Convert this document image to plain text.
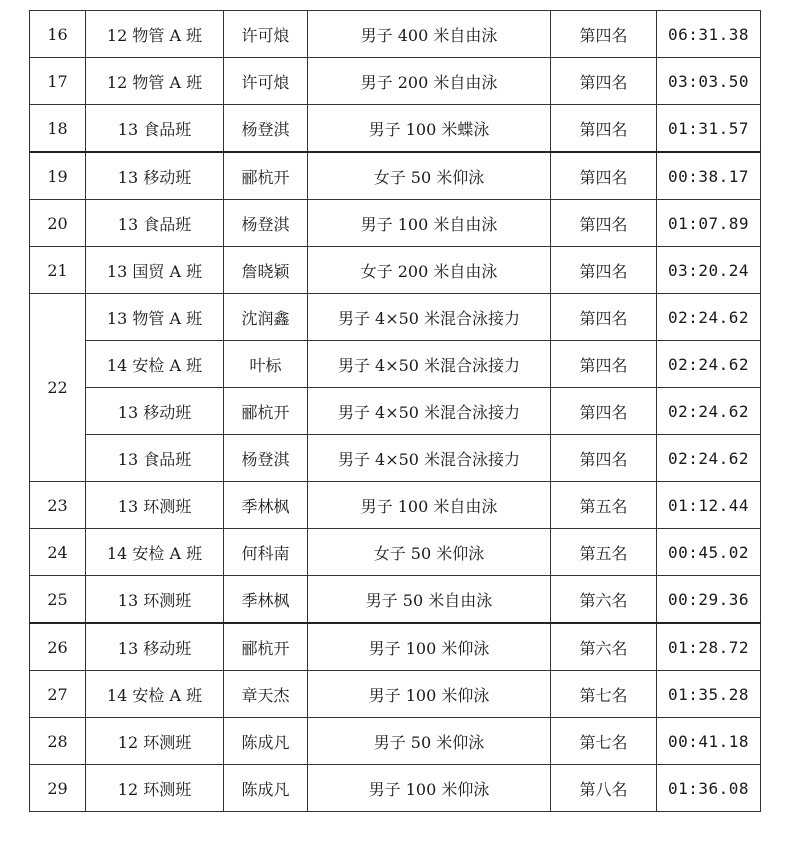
16	12 物管 A 班	许可烺	男子 400 米自由泳	第四名	06:31.38
17	12 物管 A 班	许可烺	男子 200 米自由泳	第四名	03:03.50
18	13 食品班	杨登淇	男子 100 米蝶泳	第四名	01:31.57
19	13 移动班	郦杭开	女子 50 米仰泳	第四名	00:38.17
20	13 食品班	杨登淇	男子 100 米自由泳	第四名	01:07.89
21	13 国贸 A 班	詹晓颖	女子 200 米自由泳	第四名	03:20.24
22	13 物管 A 班	沈润鑫	男子 4×50 米混合泳接力	第四名	02:24.62
	14 安检 A 班	叶标	男子 4×50 米混合泳接力	第四名	02:24.62
	13 移动班	郦杭开	男子 4×50 米混合泳接力	第四名	02:24.62
	13 食品班	杨登淇	男子 4×50 米混合泳接力	第四名	02:24.62
23	13 环测班	季林枫	男子 100 米自由泳	第五名	01:12.44
24	14 安检 A 班	何科南	女子 50 米仰泳	第五名	00:45.02
25	13 环测班	季林枫	男子 50 米自由泳	第六名	00:29.36
26	13 移动班	郦杭开	男子 100 米仰泳	第六名	01:28.72
27	14 安检 A 班	章天杰	男子 100 米仰泳	第七名	01:35.28
28	12 环测班	陈成凡	男子 50 米仰泳	第七名	00:41.18
29	12 环测班	陈成凡	男子 100 米仰泳	第八名	01:36.08
